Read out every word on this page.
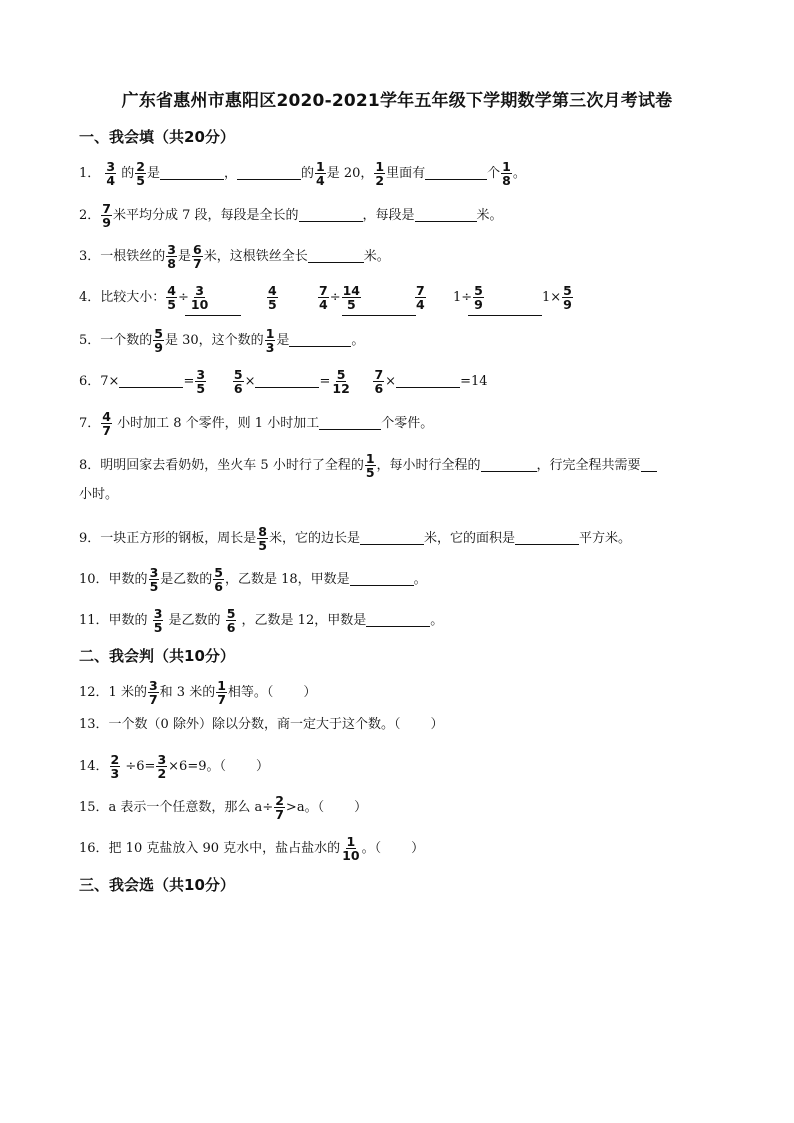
广东省惠州市惠阳区2020-2021学年五年级下学期数学第三次月考试卷
一、我会填（共20分）
1． $\frac{3}{4}$ 的 $\frac{2}{5}$ 是	，	的 $\frac{1}{4}$ 是 20， $\frac{1}{2}$ 里面有	个 $\frac{1}{8}$ 。
2． $\frac{7}{9}$ 米平均分成 7 段，每段是全长的	，每段是	米。
3．一根铁丝的 $\frac{3}{8}$ 是 $\frac{6}{7}$ 米，这根铁丝全长	米。
4．比较大小： $\frac{4}{5} \div \frac{3}{10}$	$\frac{4}{5}$	$\frac{7}{4} \div \frac{14}{5}$	$\frac{7}{4} 1\div \frac{5}{9}$	$1\times \frac{5}{9}$
5．一个数的 $\frac{5}{9}$ 是 30，这个数的 $\frac{1}{3}$ 是	。
6．7×	= $\frac{3}{5}$
$\frac{5}{6}$ ×	= $\frac{5}{12}$
$\frac{7}{6}$ ×	=14
7． $\frac{4}{7}$ 小时加工 8 个零件，则 1 小时加工	个零件。
8．明明回家去看奶奶，坐火车 5 小时行了全程的 $\frac{1}{5}$ ，每小时行全程的	，行完全程共需要
小时。
9．一块正方形的钢板，周长是 $\frac{8}{5}$ 米，它的边长是	米，它的面积是	平方米。
10．甲数的 $\frac{3}{5}$ 是乙数的 $\frac{5}{6}$ ，乙数是 18，甲数是	。
11．甲数的 $\frac{3}{5}$ 是乙数的 $\frac{5}{6}$ ，乙数是 12，甲数是	。
二、我会判（共10分）
12．1 米的 $\frac{3}{7}$ 和 3 米的 $\frac{1}{7}$ 相等。（ ）
13．一个数（0 除外）除以分数，商一定大于这个数。（ ）
14． $\frac{2}{3} \div 6= \frac{3}{2} \times 6=9$。（ ）
15．a 表示一个任意数，那么 $a\div \frac{2}{7} >a$。（ ）
16．把 10 克盐放入 90 克水中，盐占盐水的 $\frac{1}{10}$ 。（ ）
三、我会选（共10分）
